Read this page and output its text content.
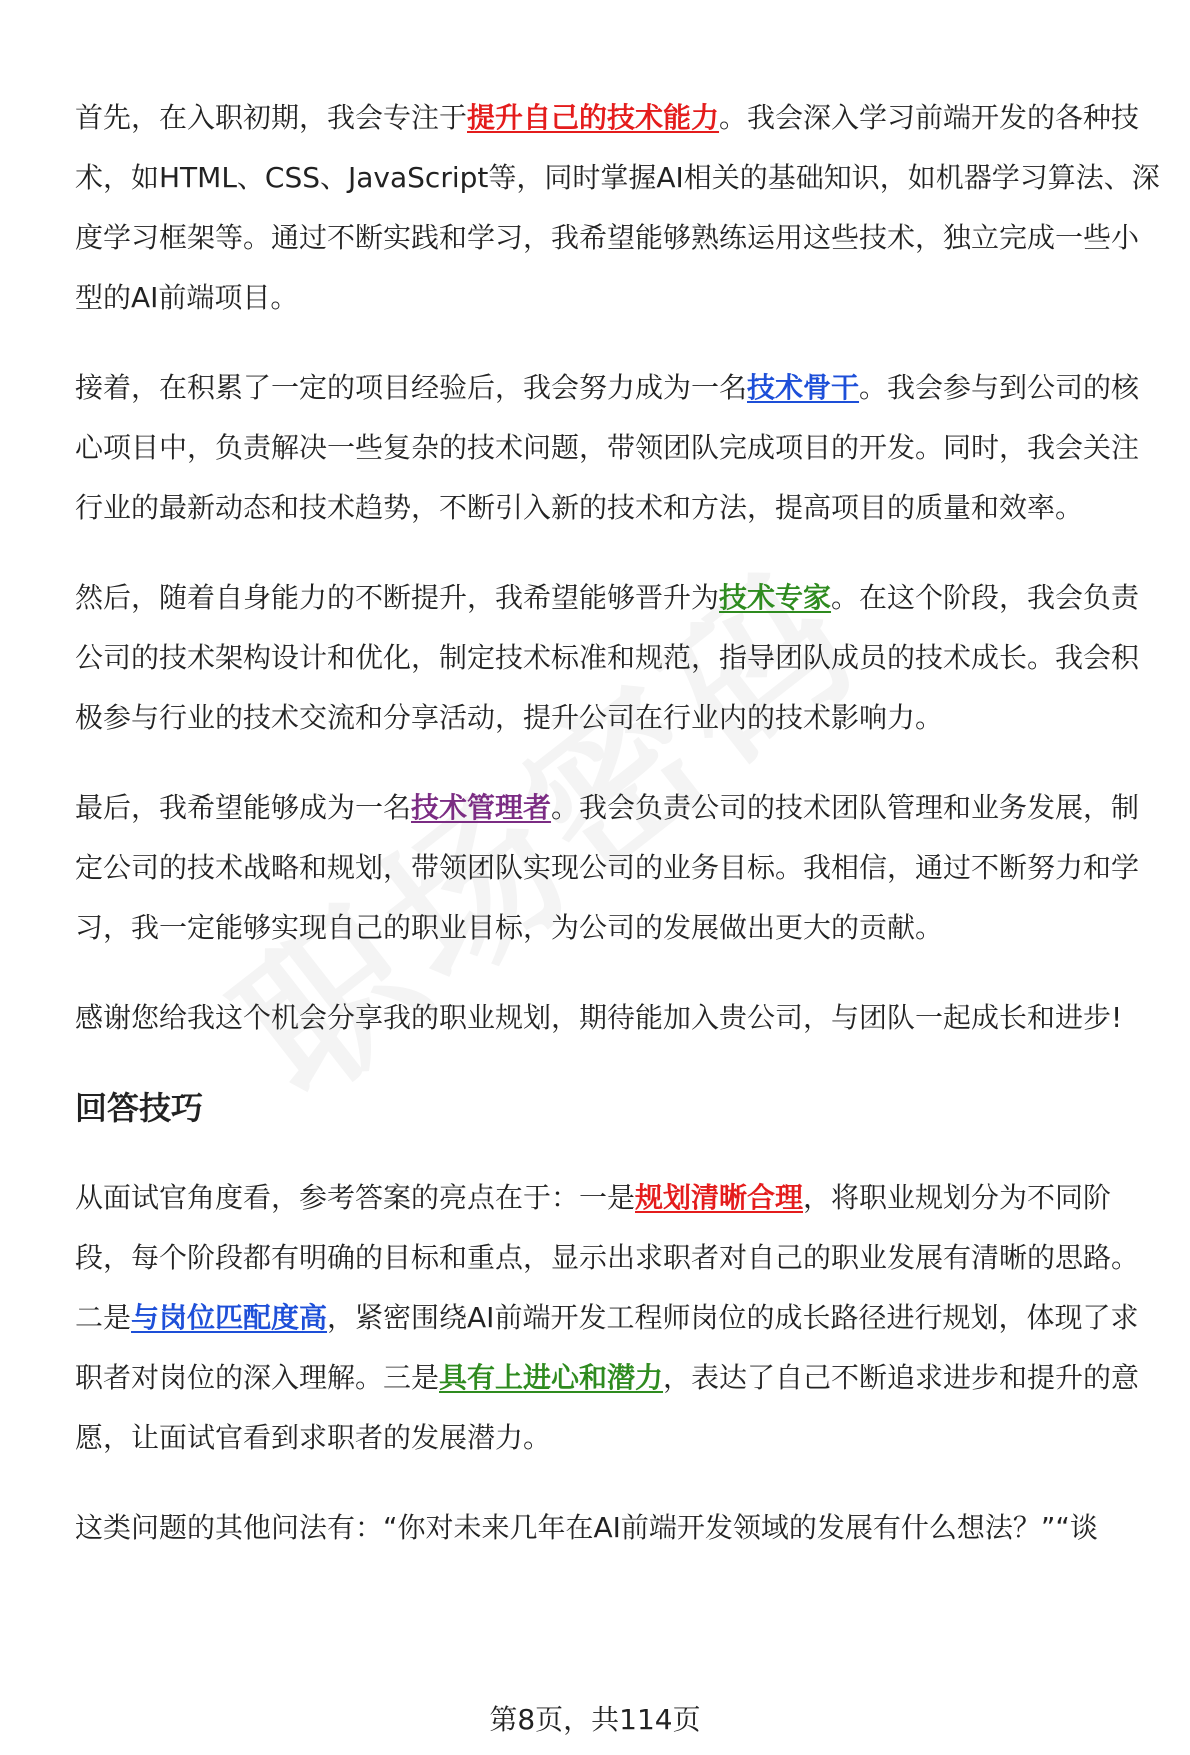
首先，在入职初期，我会专注于提升自己的技术能力。我会深入学习前端开发的各种技术，如HTML、CSS、JavaScript等，同时掌握AI相关的基础知识，如机器学习算法、深度学习框架等。通过不断实践和学习，我希望能够熟练运用这些技术，独立完成一些小型的AI前端项目。

接着，在积累了一定的项目经验后，我会努力成为一名技术骨干。我会参与到公司的核心项目中，负责解决一些复杂的技术问题，带领团队完成项目的开发。同时，我会关注行业的最新动态和技术趋势，不断引入新的技术和方法，提高项目的质量和效率。

然后，随着自身能力的不断提升，我希望能够晋升为技术专家。在这个阶段，我会负责公司的技术架构设计和优化，制定技术标准和规范，指导团队成员的技术成长。我会积极参与行业的技术交流和分享活动，提升公司在行业内的技术影响力。

最后，我希望能够成为一名技术管理者。我会负责公司的技术团队管理和业务发展，制定公司的技术战略和规划，带领团队实现公司的业务目标。我相信，通过不断努力和学习，我一定能够实现自己的职业目标，为公司的发展做出更大的贡献。

感谢您给我这个机会分享我的职业规划，期待能加入贵公司，与团队一起成长和进步!

回答技巧

从面试官角度看，参考答案的亮点在于：一是规划清晰合理，将职业规划分为不同阶段，每个阶段都有明确的目标和重点，显示出求职者对自己的职业发展有清晰的思路。二是与岗位匹配度高，紧密围绕AI前端开发工程师岗位的成长路径进行规划，体现了求职者对岗位的深入理解。三是具有上进心和潜力，表达了自己不断追求进步和提升的意愿，让面试官看到求职者的发展潜力。

这类问题的其他问法有：“你对未来几年在AI前端开发领域的发展有什么想法？”“谈

第8页，共114页
